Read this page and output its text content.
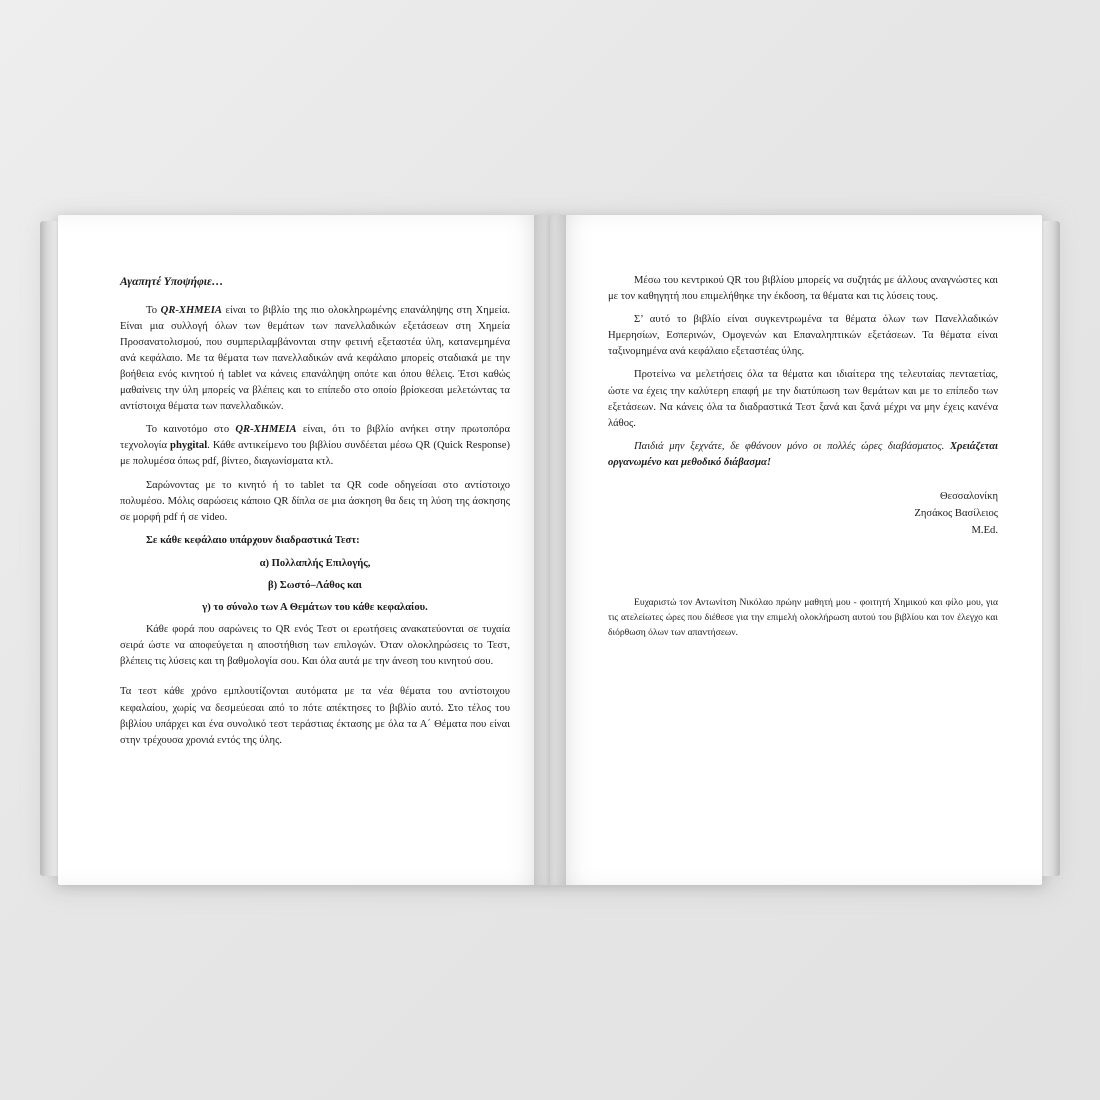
Αγαπητέ Υποψήφιε…

Το QR-XHMEIA είναι το βιβλίο της πιο ολοκληρωμένης επανάληψης στη Χημεία. Είναι μια συλλογή όλων των θεμάτων των πανελλαδικών εξετάσεων στη Χημεία Προσανατολισμού, που συμπεριλαμβάνονται στην φετινή εξεταστέα ύλη, κατανεμημένα ανά κεφάλαιο. Με τα θέματα των πανελλαδικών ανά κεφάλαιο μπορείς σταδιακά με την βοήθεια ενός κινητού ή tablet να κάνεις επανάληψη οπότε και όπου θέλεις. Έτσι καθώς μαθαίνεις την ύλη μπορείς να βλέπεις και το επίπεδο στο οποίο βρίσκεσαι μελετώντας τα αντίστοιχα θέματα των πανελλαδικών.

Το καινοτόμο στο QR-XHMEIA είναι, ότι το βιβλίο ανήκει στην πρωτοπόρα τεχνολογία phygital. Κάθε αντικείμενο του βιβλίου συνδέεται μέσω QR (Quick Response) με πολυμέσα όπως pdf, βίντεο, διαγωνίσματα κτλ.

Σαρώνοντας με το κινητό ή το tablet τα QR code οδηγείσαι στο αντίστοιχο πολυμέσο. Μόλις σαρώσεις κάποιο QR δίπλα σε μια άσκηση θα δεις τη λύση της άσκησης σε μορφή pdf ή σε video.

Σε κάθε κεφάλαιο υπάρχουν διαδραστικά Τεστ:

α) Πολλαπλής Επιλογής,

β) Σωστό–Λάθος και

γ) το σύνολο των Α Θεμάτων του κάθε κεφαλαίου.

Κάθε φορά που σαρώνεις το QR ενός Τεστ οι ερωτήσεις ανακατεύονται σε τυχαία σειρά ώστε να αποφεύγεται η αποστήθιση των επιλογών. Όταν ολοκληρώσεις το Τεστ, βλέπεις τις λύσεις και τη βαθμολογία σου. Και όλα αυτά με την άνεση του κινητού σου.

Τα τεστ κάθε χρόνο εμπλουτίζονται αυτόματα με τα νέα θέματα του αντίστοιχου κεφαλαίου, χωρίς να δεσμεύεσαι από το πότε απέκτησες το βιβλίο αυτό. Στο τέλος του βιβλίου υπάρχει και ένα συνολικό τεστ τεράστιας έκτασης με όλα τα Α΄ Θέματα που είναι στην τρέχουσα χρονιά εντός της ύλης.

Μέσω του κεντρικού QR του βιβλίου μπορείς να συζητάς με άλλους αναγνώστες και με τον καθηγητή που επιμελήθηκε την έκδοση, τα θέματα και τις λύσεις τους.

Σ’ αυτό το βιβλίο είναι συγκεντρωμένα τα θέματα όλων των Πανελλαδικών Ημερησίων, Εσπερινών, Ομογενών και Επαναληπτικών εξετάσεων. Τα θέματα είναι ταξινομημένα ανά κεφάλαιο εξεταστέας ύλης.

Προτείνω να μελετήσεις όλα τα θέματα και ιδιαίτερα της τελευταίας πενταετίας, ώστε να έχεις την καλύτερη επαφή με την διατύπωση των θεμάτων και με το επίπεδο των εξετάσεων. Να κάνεις όλα τα διαδραστικά Τεστ ξανά και ξανά μέχρι να μην έχεις κανένα λάθος.

Παιδιά μην ξεχνάτε, δε φθάνουν μόνο οι πολλές ώρες διαβάσματος. Χρειάζεται οργανωμένο και μεθοδικό διάβασμα!

Θεσσαλονίκη
Ζησάκος Βασίλειος
M.Ed.

Ευχαριστώ τον Αντωνίτση Νικόλαο πρώην μαθητή μου - φοιτητή Χημικού και φίλο μου, για τις ατελείωτες ώρες που διέθεσε για την επιμελή ολοκλήρωση αυτού του βιβλίου και τον έλεγχο και διόρθωση όλων των απαντήσεων.
